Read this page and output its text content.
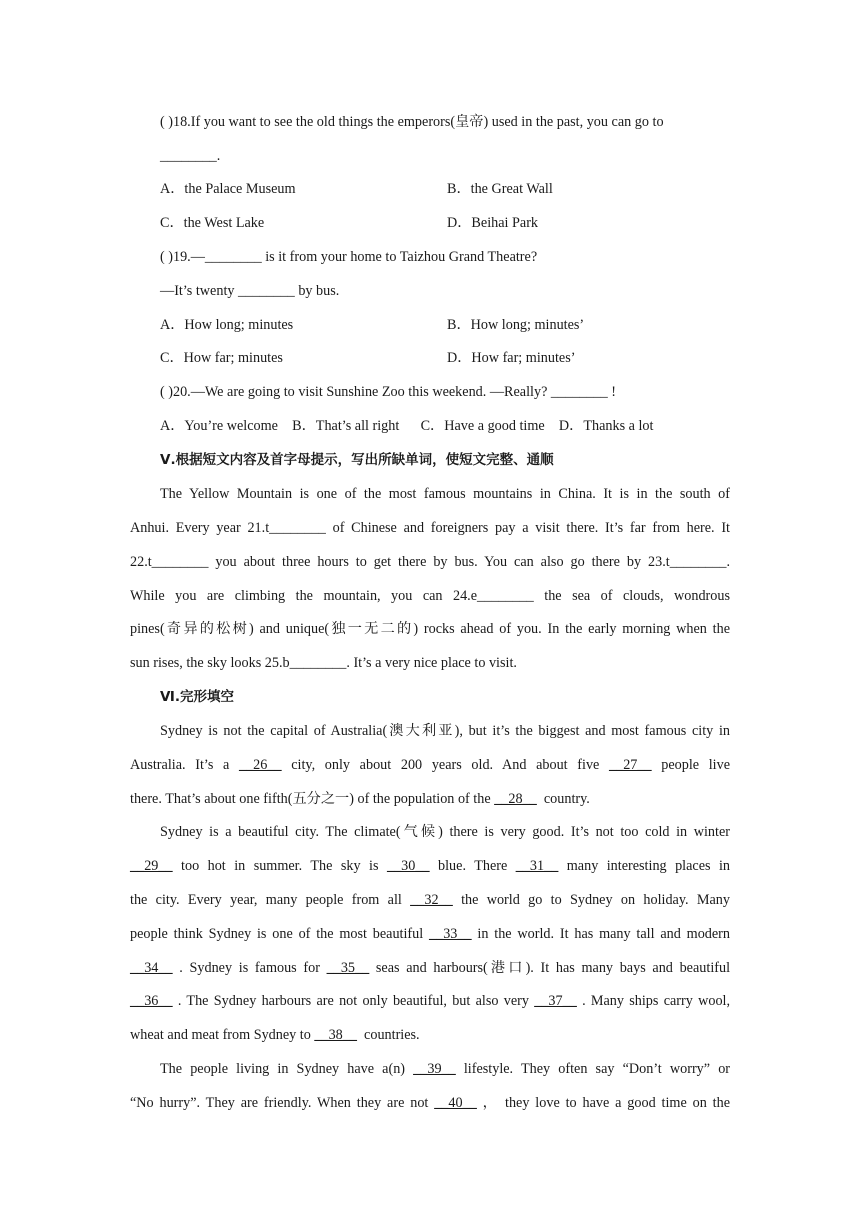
( )18.If you want to see the old things the emperors(皇帝) used in the past, you can go to
________.
A．the Palace Museum	B．the Great Wall
C．the West Lake	D．Beihai Park
( )19.—________ is it from your home to Taizhou Grand Theatre?
—It’s twenty ________ by bus.
A．How long; minutes	B．How long; minutes’
C．How far; minutes	D．How far; minutes’
( )20.—We are going to visit Sunshine Zoo this weekend. —Really? ________ !
A．You’re welcome    B．That’s all right      C．Have a good time    D．Thanks a lot
Ⅴ.根据短文内容及首字母提示，写出所缺单词，使短文完整、通顺
The Yellow Mountain is one of the most famous mountains in China. It is in the south of
Anhui. Every year 21.t________ of Chinese and foreigners pay a visit there. It’s far from here. It
22.t________ you about three hours to get there by bus. You can also go there by 23.t________.
While you are climbing the mountain, you can 24.e________ the sea of clouds, wondrous
pines(奇异的松树) and unique(独一无二的) rocks ahead of you. In the early morning when the
sun rises, the sky looks 25.b________. It’s a very nice place to visit.
Ⅵ.完形填空
Sydney is not the capital of Australia(澳大利亚), but it’s the biggest and most famous city in
Australia. It’s a __26__ city, only about 200 years old. And about five __27__ people live
there. That’s about one fifth(五分之一) of the population of the __28__  country.
Sydney is a beautiful city. The climate(气候) there is very good. It’s not too cold in winter
__29__ too hot in summer. The sky is __30__ blue. There __31__ many interesting places in
the city. Every year, many people from all __32__ the world go to Sydney on holiday. Many
people think Sydney is one of the most beautiful __33__ in the world. It has many tall and modern
__34__ . Sydney is famous for __35__ seas and harbours(港口). It has many bays and beautiful
__36__ . The Sydney harbours are not only beautiful, but also very __37__ . Many ships carry wool,
wheat and meat from Sydney to __38__  countries.
The people living in Sydney have a(n) __39__ lifestyle. They often say “Don’t worry” or
“No hurry”. They are friendly. When they are not __40__ ， they love to have a good time on the
